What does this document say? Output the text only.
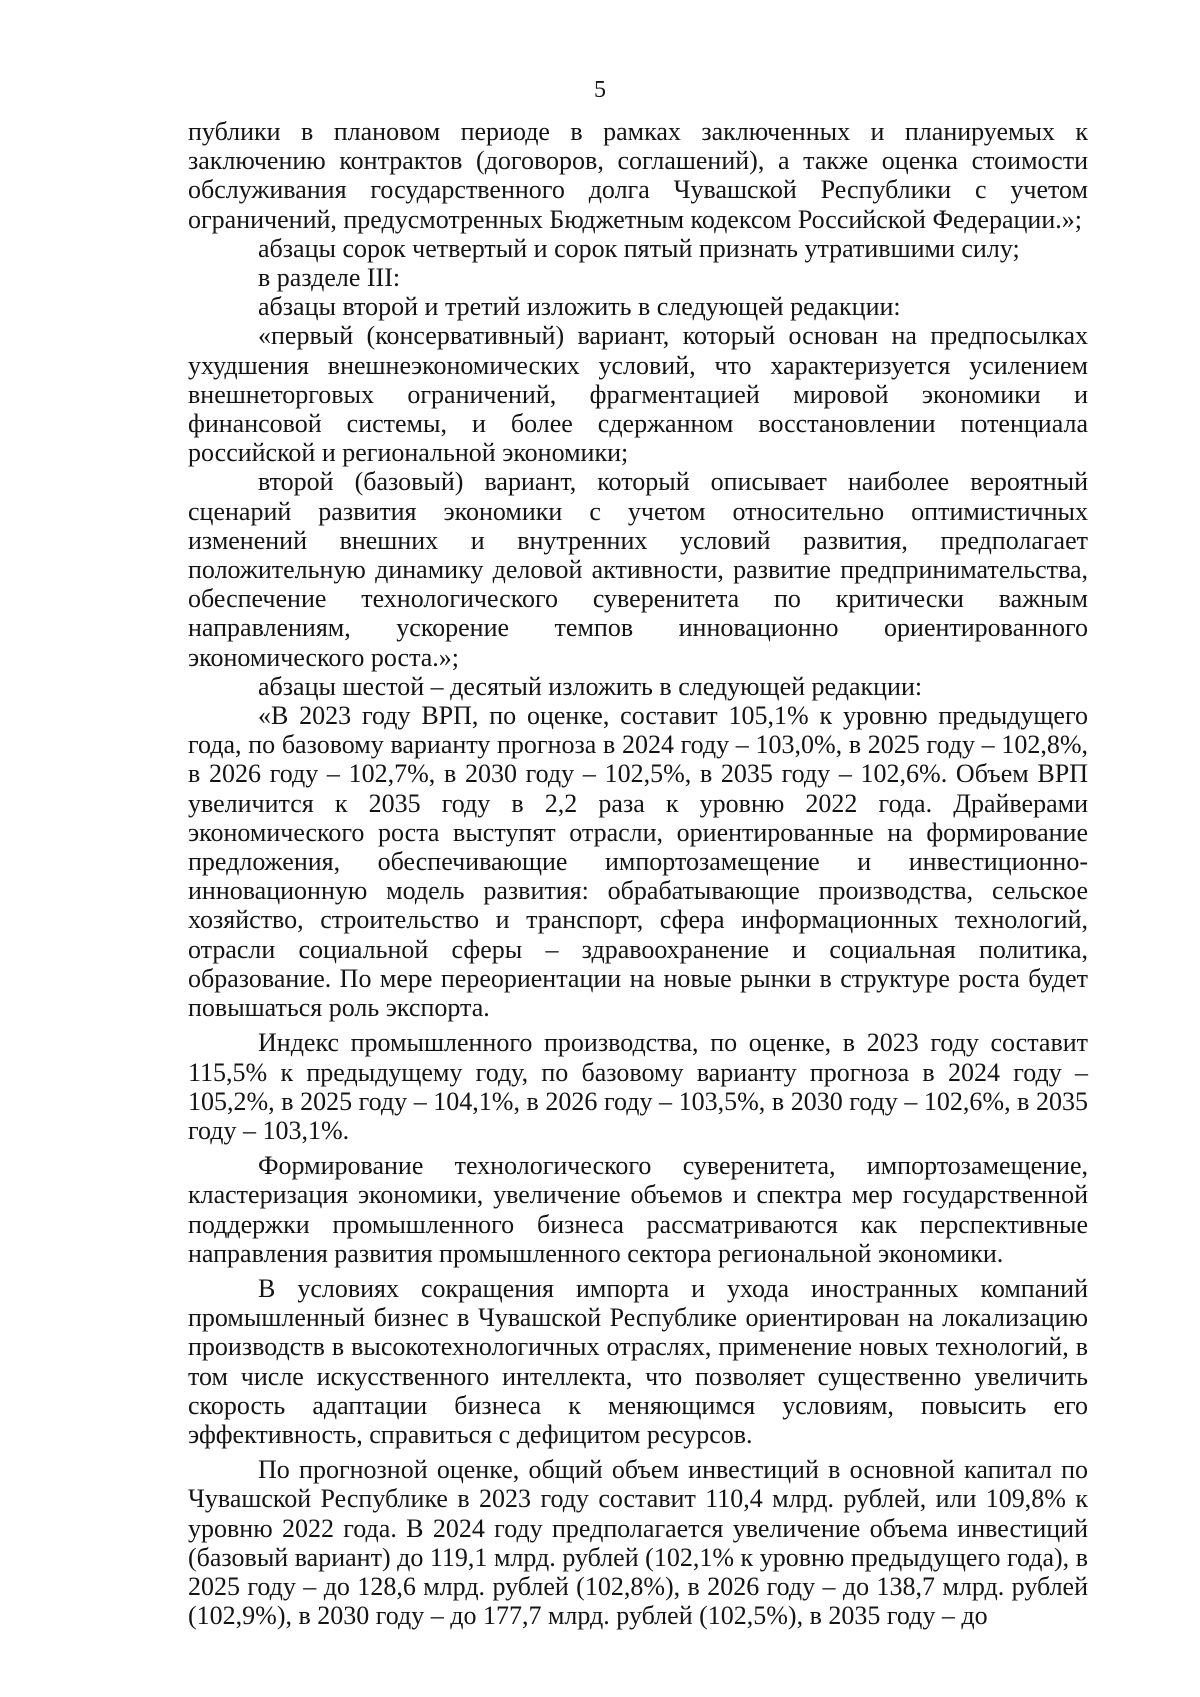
5

публики в плановом периоде в рамках заключенных и планируемых к заключению контрактов (договоров, соглашений), а также оценка стоимости обслуживания государственного долга Чувашской Республики с учетом ограничений, предусмотренных Бюджетным кодексом Российской Федерации.»;

абзацы сорок четвертый и сорок пятый признать утратившими силу;

в разделе III:

абзацы второй и третий изложить в следующей редакции:

«первый (консервативный) вариант, который основан на предпосылках ухудшения внешнеэкономических условий, что характеризуется усилением внешнеторговых ограничений, фрагментацией мировой экономики и финансовой системы, и более сдержанном восстановлении потенциала российской и региональной экономики;

второй (базовый) вариант, который описывает наиболее вероятный сценарий развития экономики с учетом относительно оптимистичных изменений внешних и внутренних условий развития, предполагает положительную динамику деловой активности, развитие предпринимательства, обеспечение технологического суверенитета по критически важным направлениям, ускорение темпов инновационно ориентированного экономического роста.»;

абзацы шестой – десятый изложить в следующей редакции:

«В 2023 году ВРП, по оценке, составит 105,1% к уровню предыдущего года, по базовому варианту прогноза в 2024 году – 103,0%, в 2025 году – 102,8%, в 2026 году – 102,7%, в 2030 году – 102,5%, в 2035 году – 102,6%. Объем ВРП увеличится к 2035 году в 2,2 раза к уровню 2022 года. Драйверами экономического роста выступят отрасли, ориентированные на формирование предложения, обеспечивающие импортозамещение и инвестиционно-инновационную модель развития: обрабатывающие производства, сельское хозяйство, строительство и транспорт, сфера информационных технологий, отрасли социальной сферы – здравоохранение и социальная политика, образование. По мере переориентации на новые рынки в структуре роста будет повышаться роль экспорта.

Индекс промышленного производства, по оценке, в 2023 году составит 115,5% к предыдущему году, по базовому варианту прогноза в 2024 году – 105,2%, в 2025 году – 104,1%, в 2026 году – 103,5%, в 2030 году – 102,6%, в 2035 году – 103,1%.

Формирование технологического суверенитета, импортозамещение, кластеризация экономики, увеличение объемов и спектра мер государственной поддержки промышленного бизнеса рассматриваются как перспективные направления развития промышленного сектора региональной экономики.

В условиях сокращения импорта и ухода иностранных компаний промышленный бизнес в Чувашской Республике ориентирован на локализацию производств в высокотехнологичных отраслях, применение новых технологий, в том числе искусственного интеллекта, что позволяет существенно увеличить скорость адаптации бизнеса к меняющимся условиям, повысить его эффективность, справиться с дефицитом ресурсов.

По прогнозной оценке, общий объем инвестиций в основной капитал по Чувашской Республике в 2023 году составит 110,4 млрд. рублей, или 109,8% к уровню 2022 года. В 2024 году предполагается увеличение объема инвестиций (базовый вариант) до 119,1 млрд. рублей (102,1% к уровню предыдущего года), в 2025 году – до 128,6 млрд. рублей (102,8%), в 2026 году – до 138,7 млрд. рублей (102,9%), в 2030 году – до 177,7 млрд. рублей (102,5%), в 2035 году – до
